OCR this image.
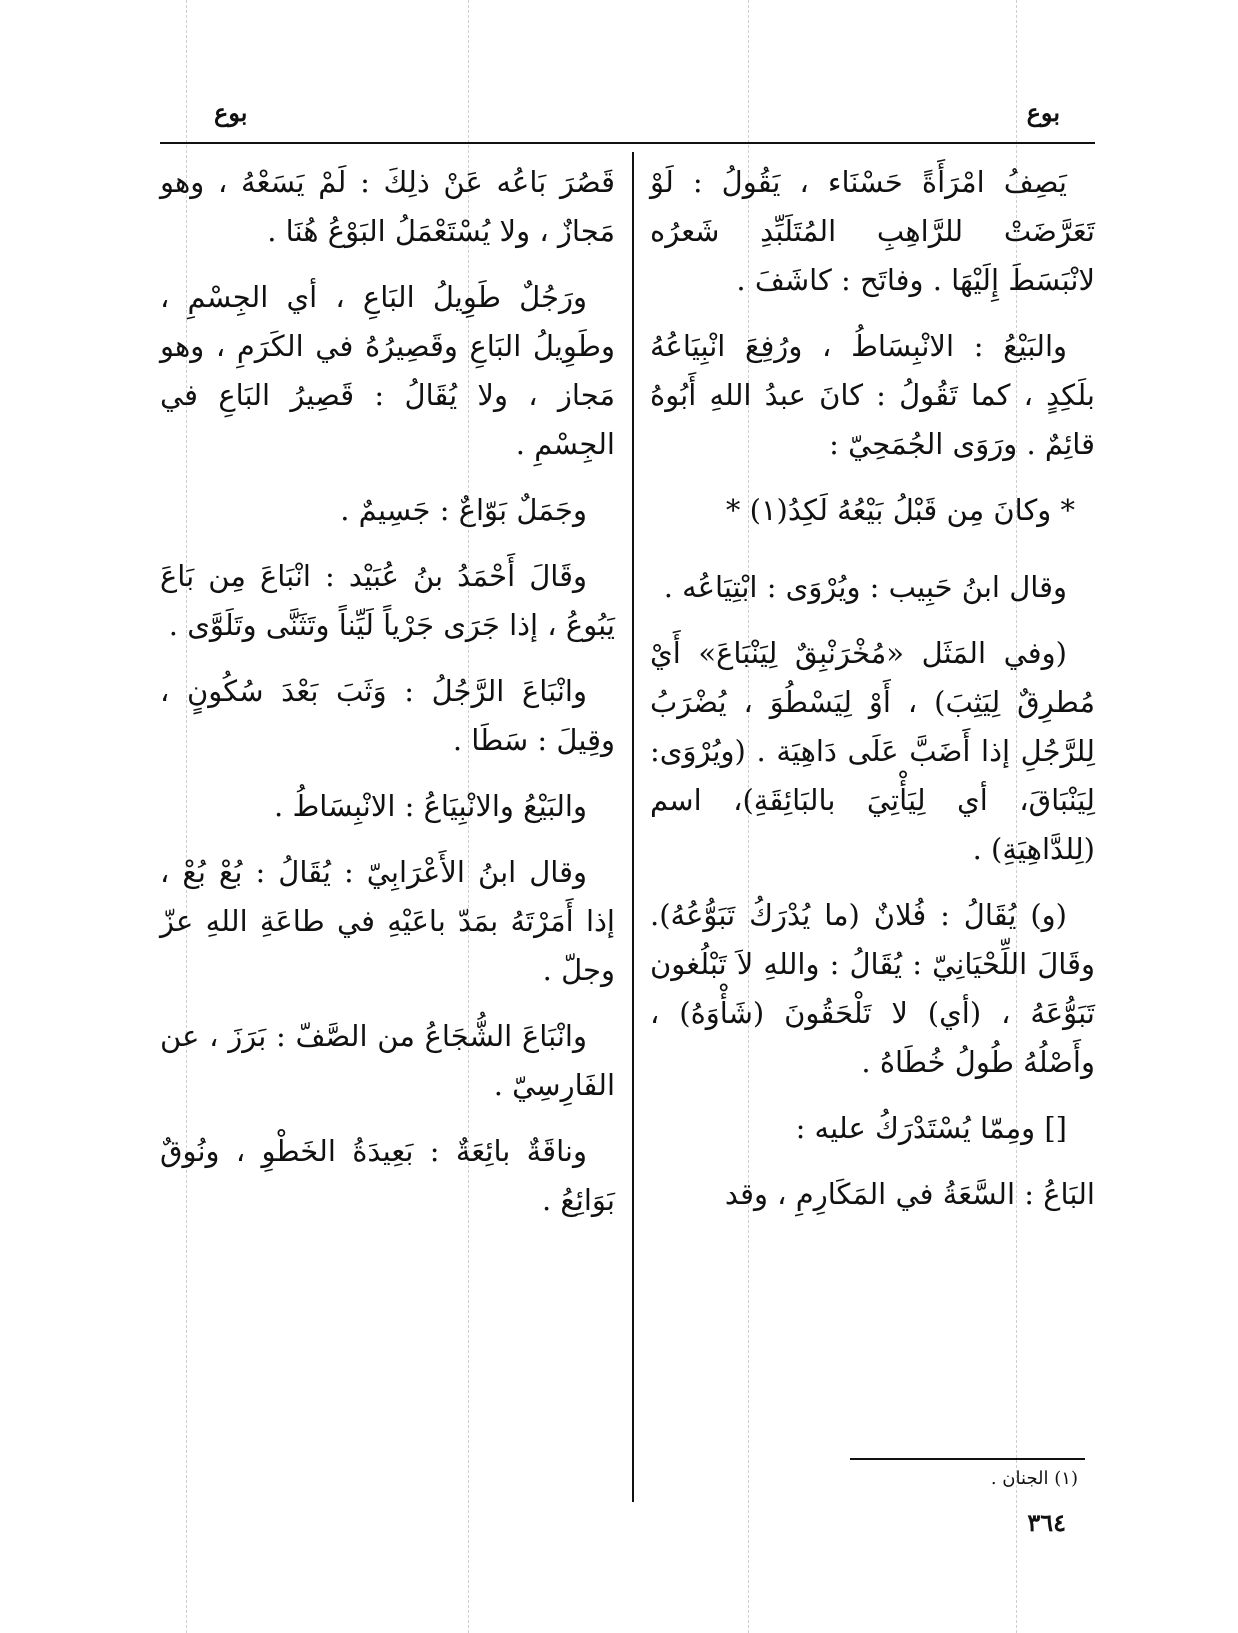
بوع
بوع

يَصِفُ امْرَأَةً حَسْنَاء ، يَقُولُ : لَوْ تَعَرَّضَتْ للرَّاهِبِ المُتَلَبِّدِ شَعرُه لانْبَسَطَ إِلَيْهَا . وفاتَح : كاشَفَ .

والبَيْعُ : الانْبِسَاطُ ، ورُفِعَ انْبِيَاعُهُ بلَكِدٍ ، كما تَقُولُ : كانَ عبدُ اللهِ أَبُوهُ قائِمٌ . ورَوَى الجُمَحِيّ :

* وكانَ مِن قَبْلُ بَيْعُهُ لَكِدُ(١) *

وقال ابنُ حَبِيب : ويُرْوَى : ابْتِيَاعُه .

(وفي المَثَل «مُخْرَنْبِقٌ لِيَنْبَاعَ» أَيْ مُطرِقٌ لِيَثِبَ) ، أَوْ لِيَسْطُوَ ، يُضْرَبُ لِلرَّجُلِ إذا أَضَبَّ عَلَى دَاهِيَة . (ويُرْوَى: لِيَنْبَاقَ، أي لِيَأْتِيَ بالبَائِقَةِ)، اسم (لِلدَّاهِيَةِ) .

(و) يُقَالُ : فُلانٌ (ما يُدْرَكُ تَبَوُّعُهُ). وقَالَ اللِّحْيَانِيّ : يُقَالُ : واللهِ لاَ تَبْلُغون تَبَوُّعَهُ ، (أي) لا تَلْحَقُونَ (شَأْوَهُ) ، وأَصْلُهُ طُولُ خُطَاهُ .

[] ومِمّا يُسْتَدْرَكُ عليه :

البَاعُ : السَّعَةُ في المَكَارِمِ ، وقد

قَصُرَ بَاعُه عَنْ ذلِكَ : لَمْ يَسَعْهُ ، وهو مَجازٌ ، ولا يُسْتَعْمَلُ البَوْعُ هُنَا .

ورَجُلٌ طَوِيلُ البَاعِ ، أي الجِسْمِ ، وطَوِيلُ البَاعِ وقَصِيرُهُ في الكَرَمِ ، وهو مَجاز ، ولا يُقَالُ : قَصِيرُ البَاعِ في الجِسْمِ .

وجَمَلٌ بَوّاعٌ : جَسِيمٌ .

وقَالَ أَحْمَدُ بنُ عُبَيْد : انْبَاعَ مِن بَاعَ يَبُوعُ ، إذا جَرَى جَرْياً لَيِّناً وتَثَنَّى وتَلَوَّى .

وانْبَاعَ الرَّجُلُ : وَثَبَ بَعْدَ سُكُونٍ ، وقِيلَ : سَطَا .

والبَيْعُ والانْبِيَاعُ : الانْبِسَاطُ .

وقال ابنُ الأَعْرَابِيّ : يُقَالُ : بُعْ بُعْ ، إذا أَمَرْتَهُ بمَدّ باعَيْهِ في طاعَةِ اللهِ عزّ وجلّ .

وانْبَاعَ الشُّجَاعُ من الصَّفّ : بَرَزَ ، عن الفَارِسِيّ .

وناقَةٌ بائِعَةٌ : بَعِيدَةُ الخَطْوِ ، ونُوقٌ بَوَائِعُ .

(١) الجنان .
٣٦٤
